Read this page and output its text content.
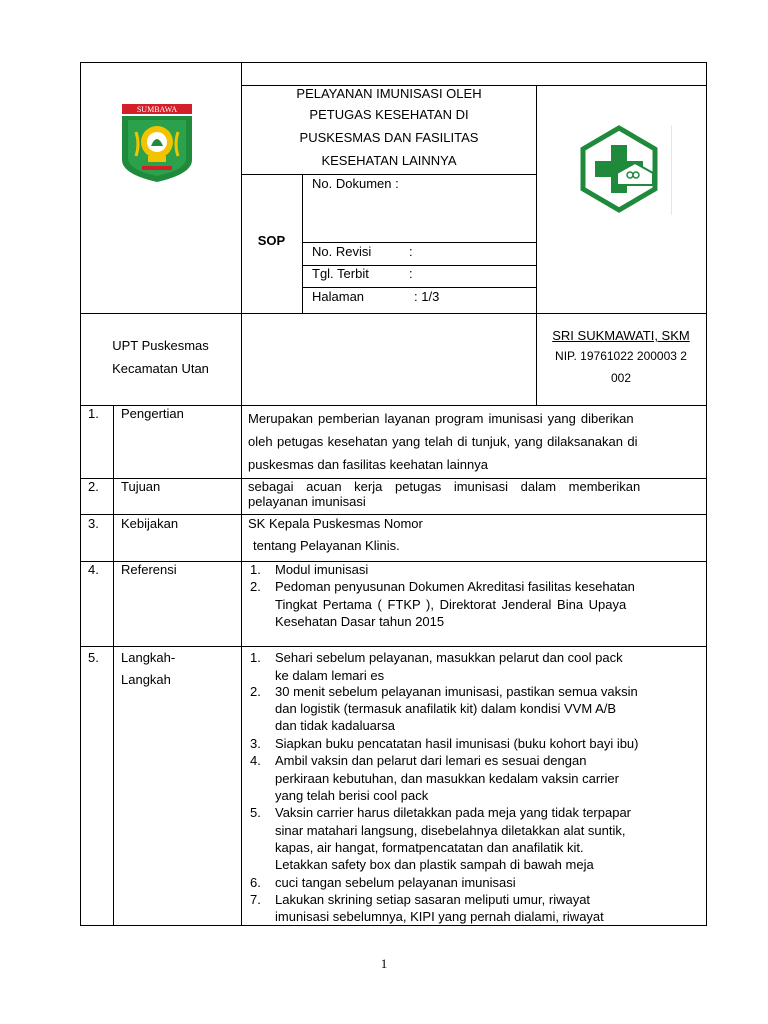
SUMBAWA
PELAYANAN IMUNISASI OLEH
PETUGAS KESEHATAN DI
PUSKESMAS DAN FASILITAS
KESEHATAN LAINNYA
SOP
No. Dokumen :
No. Revisi	:
Tgl. Terbit	:
Halaman	: 1/3
UPT Puskesmas
Kecamatan Utan
SRI SUKMAWATI, SKM
NIP. 19761022 200003 2
002
1. Pengertian	Merupakan pemberian layanan program imunisasi yang diberikan
oleh petugas kesehatan yang telah di tunjuk, yang dilaksanakan di
puskesmas dan fasilitas keehatan lainnya
2. Tujuan	sebagai acuan kerja petugas imunisasi dalam memberikan
pelayanan imunisasi
3. Kebijakan	SK Kepala Puskesmas Nomor
tentang Pelayanan Klinis.
4. Referensi	1. Modul imunisasi
2. Pedoman penyusunan Dokumen Akreditasi fasilitas kesehatan
Tingkat Pertama ( FTKP ), Direktorat Jenderal Bina Upaya
Kesehatan Dasar tahun 2015
5. Langkah-
Langkah
1. Sehari sebelum pelayanan, masukkan pelarut dan cool pack
ke dalam lemari es
2. 30 menit sebelum pelayanan imunisasi, pastikan semua vaksin
dan logistik (termasuk anafilatik kit) dalam kondisi VVM A/B
dan tidak kadaluarsa
3. Siapkan buku pencatatan hasil imunisasi (buku kohort bayi ibu)
4. Ambil vaksin dan pelarut dari lemari es sesuai dengan
perkiraan kebutuhan, dan masukkan kedalam vaksin carrier
yang telah berisi cool pack
5. Vaksin carrier harus diletakkan pada meja yang tidak terpapar
sinar matahari langsung, disebelahnya diletakkan alat suntik,
kapas, air hangat, formatpencatatan dan anafilatik kit.
Letakkan safety box dan plastik sampah di bawah meja
6. cuci tangan sebelum pelayanan imunisasi
7. Lakukan skrining setiap sasaran meliputi umur, riwayat
imunisasi sebelumnya, KIPI yang pernah dialami, riwayat
1
